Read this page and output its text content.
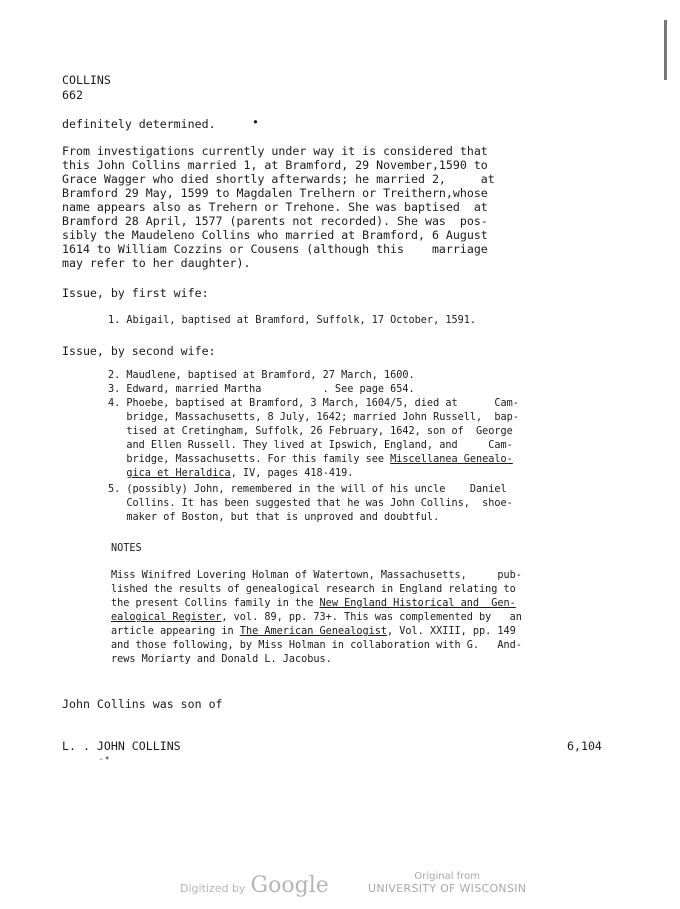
COLLINS
662
definitely determined.	•
From investigations currently under way it is considered that
this John Collins married 1, at Bramford, 29 November,1590 to
Grace Wagger who died shortly afterwards; he married 2,     at
Bramford 29 May, 1599 to Magdalen Trelhern or Treithern,whose
name appears also as Trehern or Trehone. She was baptised  at
Bramford 28 April, 1577 (parents not recorded). She was  pos-
sibly the Maudeleno Collins who married at Bramford, 6 August
1614 to William Cozzins or Cousens (although this    marriage
may refer to her daughter).
Issue, by first wife:
1. Abigail, baptised at Bramford, Suffolk, 17 October, 1591.
Issue, by second wife:
2. Maudlene, baptised at Bramford, 27 March, 1600.
3. Edward, married Martha          . See page 654.
4. Phoebe, baptised at Bramford, 3 March, 1604/5, died at      Cam-
bridge, Massachusetts, 8 July, 1642; married John Russell,  bap-
tised at Cretingham, Suffolk, 26 February, 1642, son of  George
and Ellen Russell. They lived at Ipswich, England, and     Cam-
bridge, Massachusetts. For this family see Miscellanea Genealo-
gica et Heraldica, IV, pages 418-419.
5. (possibly) John, remembered in the will of his uncle    Daniel
Collins. It has been suggested that he was John Collins,  shoe-
maker of Boston, but that is unproved and doubtful.
NOTES
Miss Winifred Lovering Holman of Watertown, Massachusetts,     pub-
lished the results of genealogical research in England relating to
the present Collins family in the New England Historical and  Gen-
ealogical Register, vol. 89, pp. 73+. This was complemented by   an
article appearing in The American Genealogist, Vol. XXIII, pp. 149
and those following, by Miss Holman in collaboration with G.   And-
rews Moriarty and Donald L. Jacobus.
John Collins was son of
L. . JOHN COLLINS	6,104
-•
Digitized by Google	Original from
UNIVERSITY OF WISCONSIN
